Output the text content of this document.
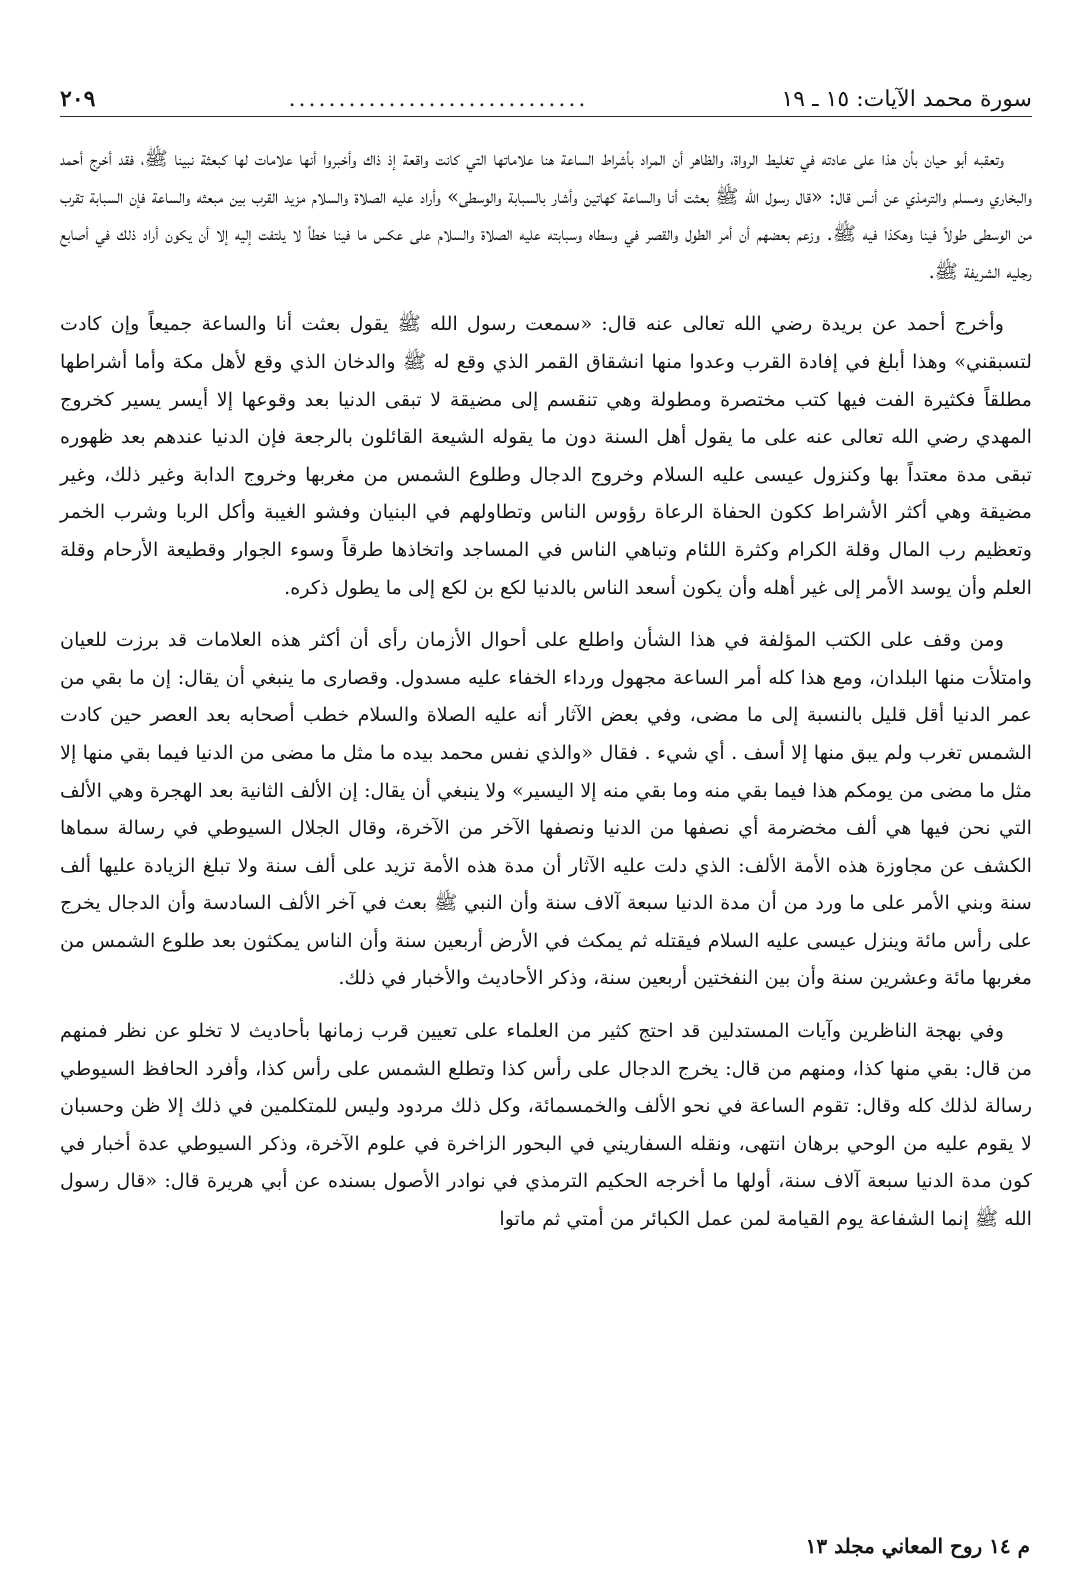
سورة محمد الآيات: ١٥ ـ ١٩
..............................
٢٠٩

وتعقبه أبو حيان بأن هذا على عادته في تغليط الرواة، والظاهر أن المراد بأشراط الساعة هنا علاماتها التي كانت واقعة إذ ذاك وأخبروا أنها علامات لها كبعثة نبينا ﷺ، فقد أخرج أحمد والبخاري ومسلم والترمذي عن أنس قال: «قال رسول الله ﷺ بعثت أنا والساعة كهاتين وأشار بالسبابة والوسطى» وأراد عليه الصلاة والسلام مزيد القرب بين مبعثه والساعة فإن السبابة تقرب من الوسطى طولاً فينا وهكذا فيه ﷺ. وزعم بعضهم أن أمر الطول والقصر في وسطاه وسبابته عليه الصلاة والسلام على عكس ما فينا خطأ لا يلتفت إليه إلا أن يكون أراد ذلك في أصابع رجليه الشريفة ﷺ.

وأخرج أحمد عن بريدة رضي الله تعالى عنه قال: «سمعت رسول الله ﷺ يقول بعثت أنا والساعة جميعاً وإن كادت لتسبقني» وهذا أبلغ في إفادة القرب وعدوا منها انشقاق القمر الذي وقع له ﷺ والدخان الذي وقع لأهل مكة وأما أشراطها مطلقاً فكثيرة الفت فيها كتب مختصرة ومطولة وهي تنقسم إلى مضيقة لا تبقى الدنيا بعد وقوعها إلا أيسر يسير كخروج المهدي رضي الله تعالى عنه على ما يقول أهل السنة دون ما يقوله الشيعة القائلون بالرجعة فإن الدنيا عندهم بعد ظهوره تبقى مدة معتداً بها وكنزول عيسى عليه السلام وخروج الدجال وطلوع الشمس من مغربها وخروج الدابة وغير ذلك، وغير مضيقة وهي أكثر الأشراط ككون الحفاة الرعاة رؤوس الناس وتطاولهم في البنيان وفشو الغيبة وأكل الربا وشرب الخمر وتعظيم رب المال وقلة الكرام وكثرة اللئام وتباهي الناس في المساجد واتخاذها طرقاً وسوء الجوار وقطيعة الأرحام وقلة العلم وأن يوسد الأمر إلى غير أهله وأن يكون أسعد الناس بالدنيا لكع بن لكع إلى ما يطول ذكره.

ومن وقف على الكتب المؤلفة في هذا الشأن واطلع على أحوال الأزمان رأى أن أكثر هذه العلامات قد برزت للعيان وامتلأت منها البلدان، ومع هذا كله أمر الساعة مجهول ورداء الخفاء عليه مسدول. وقصارى ما ينبغي أن يقال: إن ما بقي من عمر الدنيا أقل قليل بالنسبة إلى ما مضى، وفي بعض الآثار أنه عليه الصلاة والسلام خطب أصحابه بعد العصر حين كادت الشمس تغرب ولم يبق منها إلا أسف . أي شيء . فقال «والذي نفس محمد بيده ما مثل ما مضى من الدنيا فيما بقي منها إلا مثل ما مضى من يومكم هذا فيما بقي منه وما بقي منه إلا اليسير» ولا ينبغي أن يقال: إن الألف الثانية بعد الهجرة وهي الألف التي نحن فيها هي ألف مخضرمة أي نصفها من الدنيا ونصفها الآخر من الآخرة، وقال الجلال السيوطي في رسالة سماها الكشف عن مجاوزة هذه الأمة الألف: الذي دلت عليه الآثار أن مدة هذه الأمة تزيد على ألف سنة ولا تبلغ الزيادة عليها ألف سنة وبني الأمر على ما ورد من أن مدة الدنيا سبعة آلاف سنة وأن النبي ﷺ بعث في آخر الألف السادسة وأن الدجال يخرج على رأس مائة وينزل عيسى عليه السلام فيقتله ثم يمكث في الأرض أربعين سنة وأن الناس يمكثون بعد طلوع الشمس من مغربها مائة وعشرين سنة وأن بين النفختين أربعين سنة، وذكر الأحاديث والأخبار في ذلك.

وفي بهجة الناظرين وآيات المستدلين قد احتج كثير من العلماء على تعيين قرب زمانها بأحاديث لا تخلو عن نظر فمنهم من قال: بقي منها كذا، ومنهم من قال: يخرج الدجال على رأس كذا وتطلع الشمس على رأس كذا، وأفرد الحافظ السيوطي رسالة لذلك كله وقال: تقوم الساعة في نحو الألف والخمسمائة، وكل ذلك مردود وليس للمتكلمين في ذلك إلا ظن وحسبان لا يقوم عليه من الوحي برهان انتهى، ونقله السفاريني في البحور الزاخرة في علوم الآخرة، وذكر السيوطي عدة أخبار في كون مدة الدنيا سبعة آلاف سنة، أولها ما أخرجه الحكيم الترمذي في نوادر الأصول بسنده عن أبي هريرة قال: «قال رسول الله ﷺ إنما الشفاعة يوم القيامة لمن عمل الكبائر من أمتي ثم ماتوا

م ١٤ روح المعاني مجلد ١٣
